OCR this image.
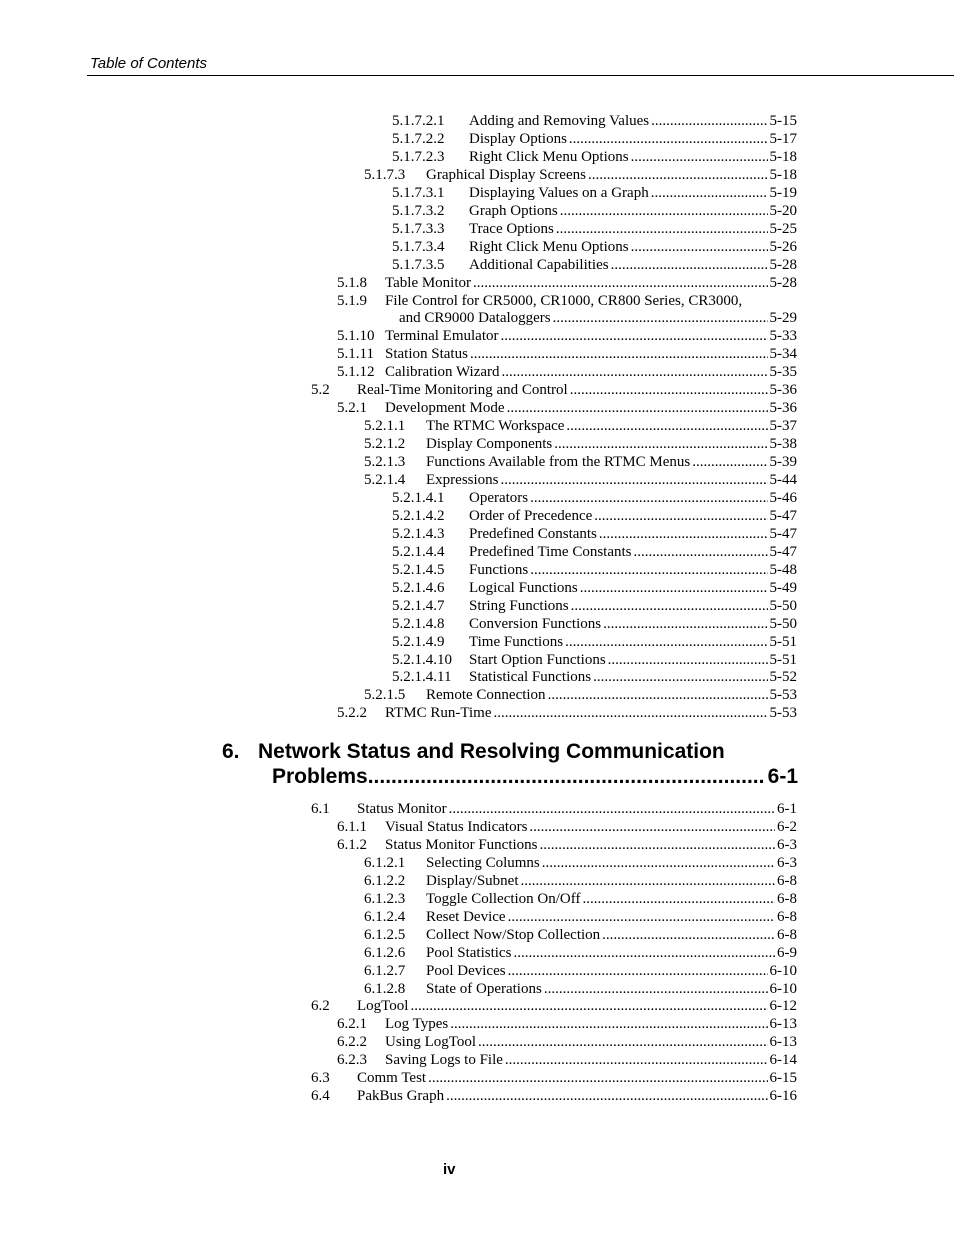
Table of Contents
5.1.7.2.1	Adding and Removing Values .....	5-15
5.1.7.2.2	Display Options .....	5-17
5.1.7.2.3	Right Click Menu Options .....	5-18
5.1.7.3	Graphical Display Screens .....	5-18
5.1.7.3.1	Displaying Values on a Graph .....	5-19
5.1.7.3.2	Graph Options .....	5-20
5.1.7.3.3	Trace Options .....	5-25
5.1.7.3.4	Right Click Menu Options .....	5-26
5.1.7.3.5	Additional Capabilities .....	5-28
5.1.8	Table Monitor .....	5-28
5.1.9	File Control for CR5000, CR1000, CR800 Series, CR3000,
and CR9000 Dataloggers .....	5-29
5.1.10 Terminal Emulator .....	5-33
5.1.11 Station Status .....	5-34
5.1.12 Calibration Wizard .....	5-35
5.2	Real-Time Monitoring and Control .....	5-36
5.2.1	Development Mode .....	5-36
5.2.1.1	The RTMC Workspace .....	5-37
5.2.1.2	Display Components .....	5-38
5.2.1.3	Functions Available from the RTMC Menus .....	5-39
5.2.1.4	Expressions .....	5-44
5.2.1.4.1	Operators .....	5-46
5.2.1.4.2	Order of Precedence .....	5-47
5.2.1.4.3	Predefined Constants .....	5-47
5.2.1.4.4	Predefined Time Constants .....	5-47
5.2.1.4.5	Functions .....	5-48
5.2.1.4.6	Logical Functions .....	5-49
5.2.1.4.7	String Functions .....	5-50
5.2.1.4.8	Conversion Functions .....	5-50
5.2.1.4.9	Time Functions .....	5-51
5.2.1.4.10	Start Option Functions .....	5-51
5.2.1.4.11	Statistical Functions .....	5-52
5.2.1.5	Remote Connection .....	5-53
5.2.2	RTMC Run-Time .....	5-53
6. Network Status and Resolving Communication
Problems .....	6-1
6.1	Status Monitor .....	6-1
6.1.1	Visual Status Indicators .....	6-2
6.1.2	Status Monitor Functions .....	6-3
6.1.2.1	Selecting Columns .....	6-3
6.1.2.2	Display/Subnet .....	6-8
6.1.2.3	Toggle Collection On/Off .....	6-8
6.1.2.4	Reset Device .....	6-8
6.1.2.5	Collect Now/Stop Collection .....	6-8
6.1.2.6	Pool Statistics .....	6-9
6.1.2.7	Pool Devices .....	6-10
6.1.2.8	State of Operations .....	6-10
6.2	LogTool .....	6-12
6.2.1	Log Types .....	6-13
6.2.2	Using LogTool .....	6-13
6.2.3	Saving Logs to File .....	6-14
6.3	Comm Test .....	6-15
6.4	PakBus Graph .....	6-16
iv
